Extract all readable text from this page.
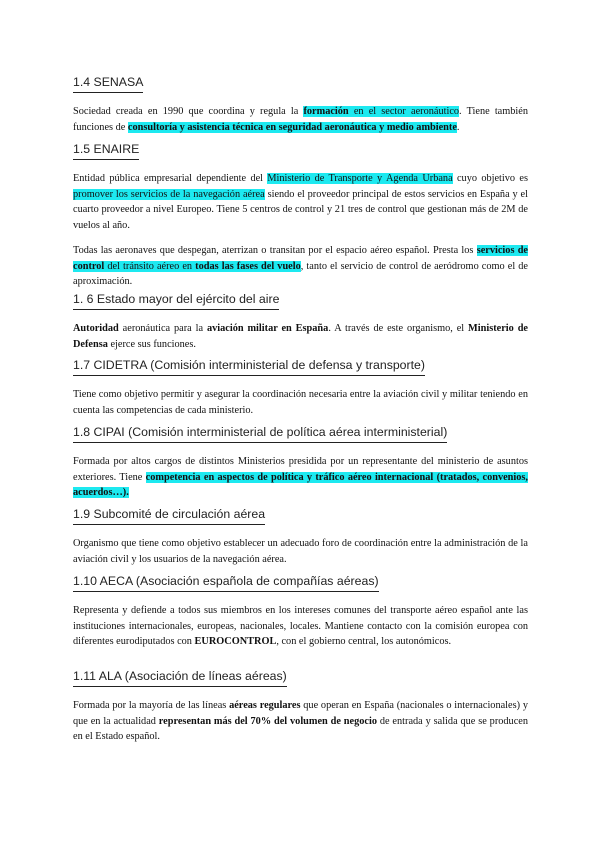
1.4 SENASA

Sociedad creada en 1990 que coordina y regula la formación en el sector aeronáutico. Tiene también funciones de consultoría y asistencia técnica en seguridad aeronáutica y medio ambiente.

1.5 ENAIRE

Entidad pública empresarial dependiente del Ministerio de Transporte y Agenda Urbana cuyo objetivo es promover los servicios de la navegación aérea siendo el proveedor principal de estos servicios en España y el cuarto proveedor a nivel Europeo. Tiene 5 centros de control y 21 tres de control que gestionan más de 2M de vuelos al año.

Todas las aeronaves que despegan, aterrizan o transitan por el espacio aéreo español. Presta los servicios de control del tránsito aéreo en todas las fases del vuelo, tanto el servicio de control de aeródromo como el de aproximación.

1. 6 Estado mayor del ejército del aire

Autoridad aeronáutica para la aviación militar en España. A través de este organismo, el Ministerio de Defensa ejerce sus funciones.

1.7 CIDETRA (Comisión interministerial de defensa y transporte)

Tiene como objetivo permitir y asegurar la coordinación necesaria entre la aviación civil y militar teniendo en cuenta las competencias de cada ministerio.

1.8 CIPAI (Comisión interministerial de política aérea interministerial)

Formada por altos cargos de distintos Ministerios presidida por un representante del ministerio de asuntos exteriores. Tiene competencia en aspectos de política y tráfico aéreo internacional (tratados, convenios, acuerdos…).

1.9 Subcomité de circulación aérea

Organismo que tiene como objetivo establecer un adecuado foro de coordinación entre la administración de la aviación civil y los usuarios de la navegación aérea.

1.10 AECA (Asociación española de compañías aéreas)

Representa y defiende a todos sus miembros en los intereses comunes del transporte aéreo español ante las instituciones internacionales, europeas, nacionales, locales. Mantiene contacto con la comisión europea con diferentes eurodiputados con EUROCONTROL, con el gobierno central, los autonómicos.

1.11 ALA (Asociación de líneas aéreas)

Formada por la mayoría de las líneas aéreas regulares que operan en España (nacionales o internacionales) y que en la actualidad representan más del 70% del volumen de negocio de entrada y salida que se producen en el Estado español.
